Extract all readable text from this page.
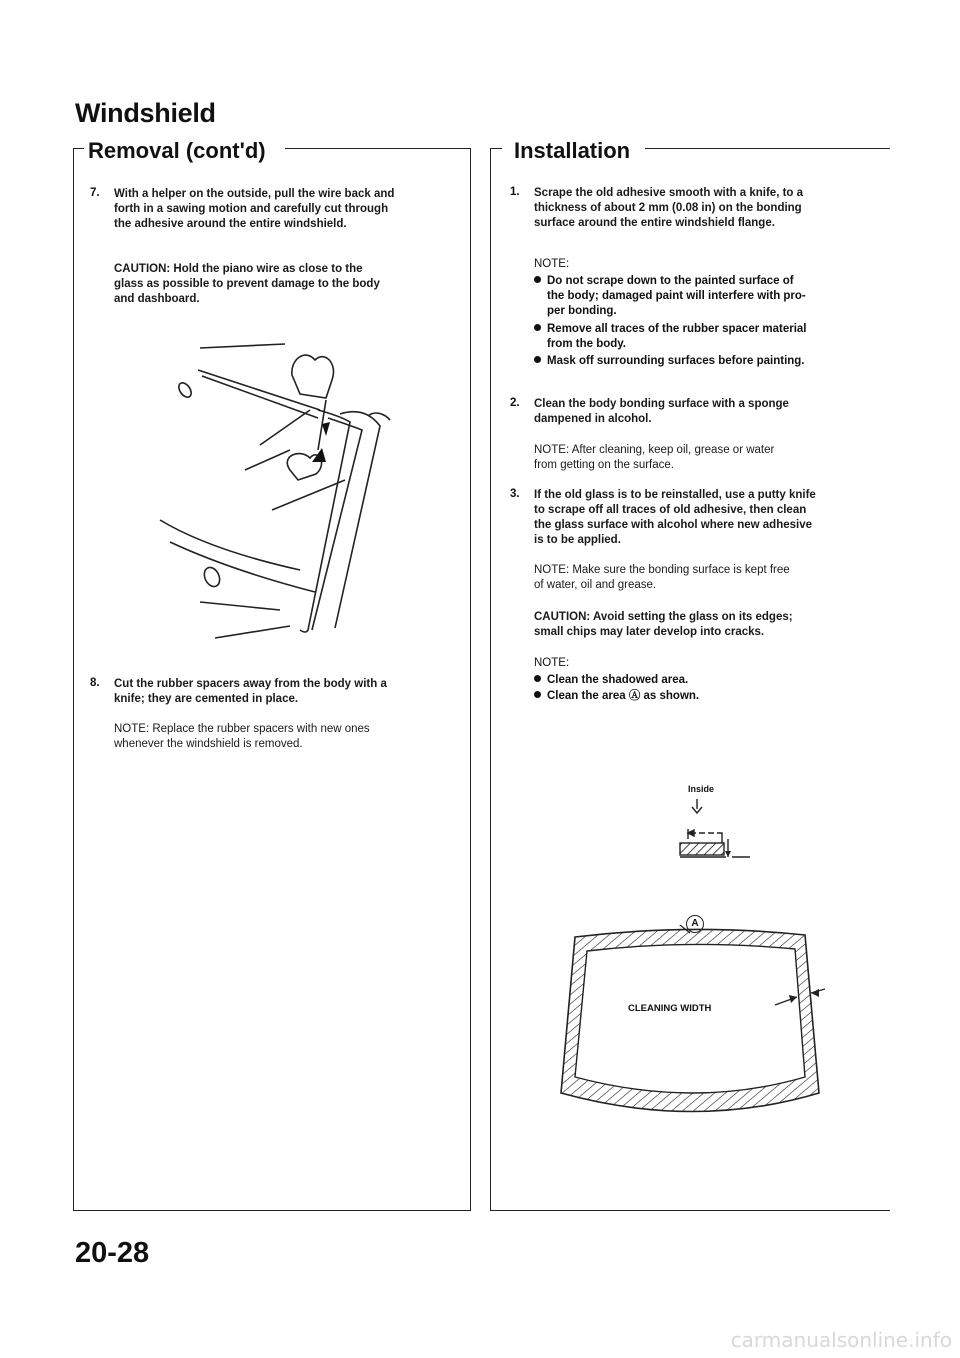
Windshield
Removal (cont'd)	Installation
7. With a helper on the outside, pull the wire back and
forth in a sawing motion and carefully cut through
the adhesive around the entire windshield.
CAUTION: Hold the piano wire as close to the
glass as possible to prevent damage to the body
and dashboard.
8. Cut the rubber spacers away from the body with a
knife; they are cemented in place.
NOTE: Replace the rubber spacers with new ones
whenever the windshield is removed.
1. Scrape the old adhesive smooth with a knife, to a
thickness of about 2 mm (0.08 in) on the bonding
surface around the entire windshield flange.
NOTE:
Do not scrape down to the painted surface of
the body; damaged paint will interfere with pro-
per bonding.
Remove all traces of the rubber spacer material
from the body.
Mask off surrounding surfaces before painting.
2. Clean the body bonding surface with a sponge
dampened in alcohol.
NOTE: After cleaning, keep oil, grease or water
from getting on the surface.
3. If the old glass is to be reinstalled, use a putty knife
to scrape off all traces of old adhesive, then clean
the glass surface with alcohol where new adhesive
is to be applied.
NOTE: Make sure the bonding surface is kept free
of water, oil and grease.
CAUTION: Avoid setting the glass on its edges;
small chips may later develop into cracks.
NOTE:
Clean the shadowed area.
Clean the area Ⓐ as shown.
Inside
A
CLEANING WIDTH
20-28
carmanualsonline.info
